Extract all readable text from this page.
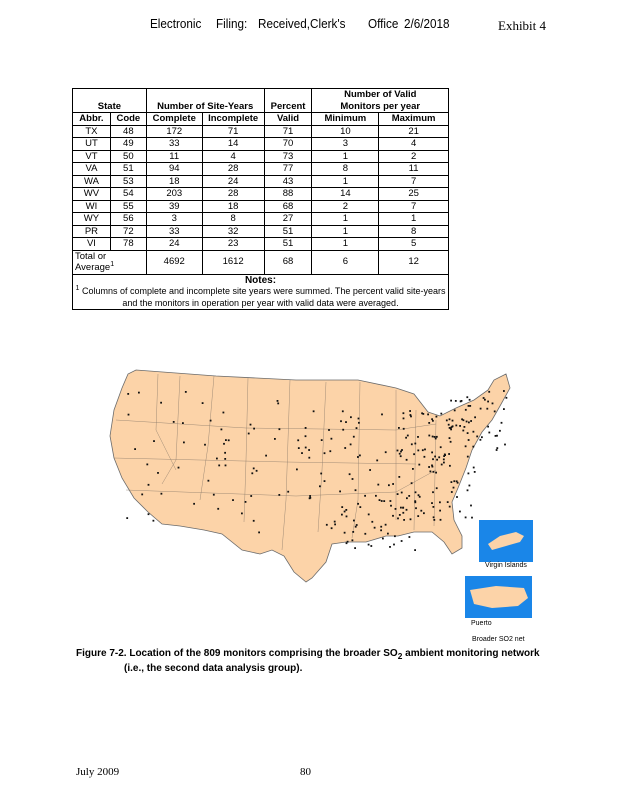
Electronic Filing: Received,Clerk's Office 2/6/2018	Exhibit 4
State		Number of Site-Years		Percent	Number of Valid
Monitors per year	
Abbr.	Code	Complete	Incomplete	Valid	Minimum	Maximum
TX	48	172	71	71	10	21
UT	49	33	14	70	3	4
VT	50	11	4	73	1	2
VA	51	94	28	77	8	11
WA	53	18	24	43	1	7
WV	54	203	28	88	14	25
WI	55	39	18	68	2	7
WY	56	3	8	27	1	1
PR	72	33	32	51	1	8
VI	78	24	23	51	1	5
Total or
Average$^1$		4692	1612	68	6	12
Notes:
$^1$ Columns of complete and incomplete site years were summed. The percent valid site-years and the monitors in operation per year with valid data were averaged.						
Virgin Islands
Puerto
Broader SO2 net
Figure 7-2. Location of the 809 monitors comprising the broader $SO_2$ ambient monitoring network
(i.e., the second data analysis group).
July 2009	80
